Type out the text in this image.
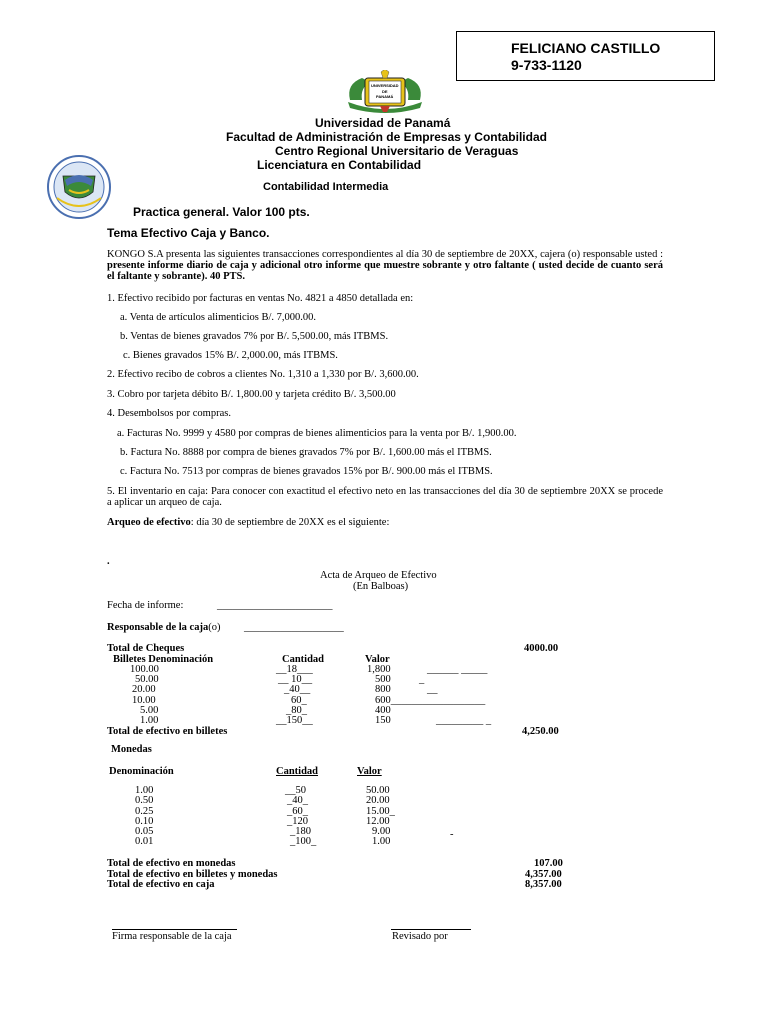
FELICIANO CASTILLO
9-733-1120
UNIVERSIDAD
DE
PANAMÁ
Universidad de Panamá
Facultad de Administración de Empresas y Contabilidad
Centro Regional Universitario de Veraguas
Licenciatura en Contabilidad
Contabilidad Intermedia
Practica general. Valor 100 pts.
Tema Efectivo Caja y Banco.
KONGO S.A presenta las siguientes transacciones correspondientes al día 30 de septiembre de 20XX, cajera (o) responsable usted : presente informe diario de caja y adicional otro informe que muestre sobrante y otro faltante ( usted decide de cuanto será el faltante y sobrante). 40 PTS.
1. Efectivo recibido por facturas en ventas No. 4821 a 4850 detallada en:
a. Venta de artículos alimenticios B/. 7,000.00.
b. Ventas de bienes gravados 7% por B/. 5,500.00, más ITBMS.
c. Bienes gravados 15% B/. 2,000.00, más ITBMS.
2. Efectivo recibo de cobros a clientes No. 1,310 a 1,330 por B/. 3,600.00.
3. Cobro por tarjeta débito B/. 1,800.00 y tarjeta crédito B/. 3,500.00
4. Desembolsos por compras.
a. Facturas No. 9999 y 4580 por compras de bienes alimenticios para la venta por B/. 1,900.00.
b. Factura No. 8888 por compra de bienes gravados 7% por B/. 1,600.00 más el ITBMS.
c. Factura No. 7513 por compras de bienes gravados 15% por B/. 900.00 más el ITBMS.
5. El inventario en caja: Para conocer con exactitud el efectivo neto en las transacciones del día 30 de septiembre 20XX se procede a aplicar un arqueo de caja.
Arqueo de efectivo: día 30 de septiembre de 20XX es el siguiente:
.
Acta de Arqueo de Efectivo
(En Balboas)
Fecha de informe:	______________________
Responsable de la caja(o) ___________________
Total de Cheques	4000.00
Billetes Denominación	Cantidad	Valor
100.00	__18___	1,800	______ _____
50.00	__ 10__	500	_
20.00	_40__	800	__
10.00	60_	600__________________
5.00	_80_	400
1.00	__150__	150	_________ _
Total de efectivo en billetes	4,250.00
Monedas
Denominación	Cantidad	Valor
1.00	__50	50.00
0.50	_40_	20.00
0.25	_60_	15.00_
0.10	_120	12.00
0.05	_180	9.00	-
0.01	_100_	1.00
Total de efectivo en monedas	107.00
Total de efectivo en billetes y monedas	4,357.00
Total de efectivo en caja	8,357.00
Firma responsable de la caja	Revisado por
